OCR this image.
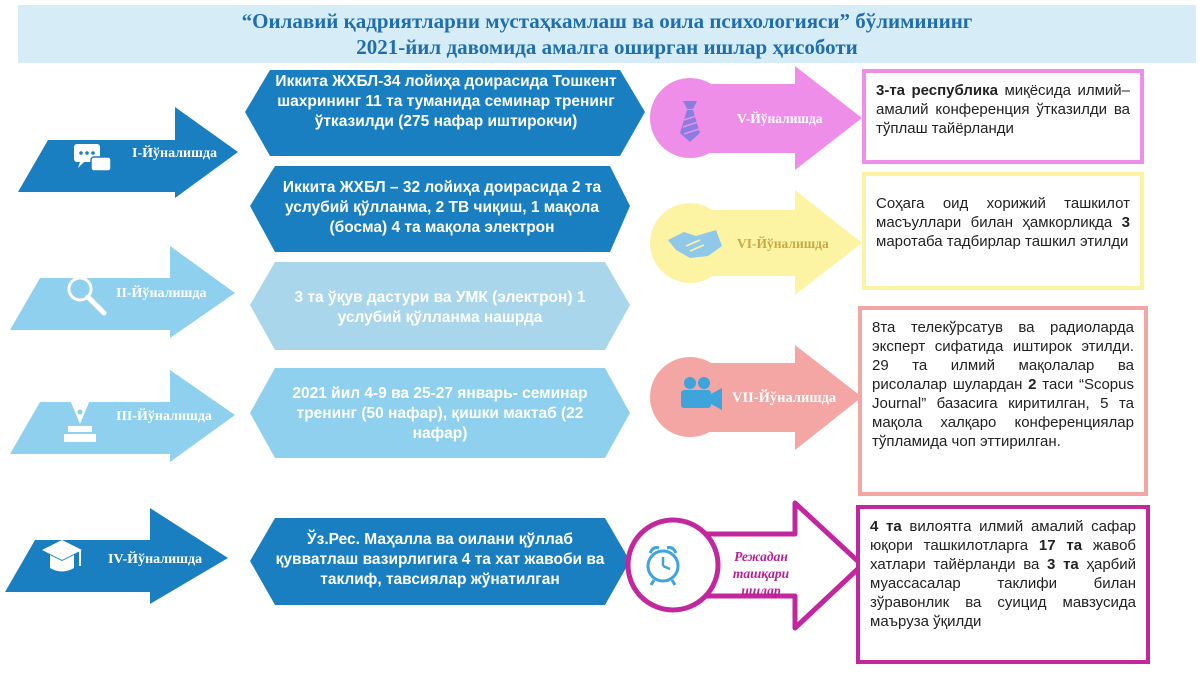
“Оилавий қадриятларни мустаҳкамлаш ва оила психологияси” бўлимининг
2021-йил давомида амалга оширган ишлар ҳисоботи
I-Йўналишда
II-Йўналишда
III-Йўналишда
IV-Йўналишда
Иккита ЖХБЛ-34 лойиҳа доирасида Тошкент шахрининг 11 та туманида семинар тренинг ўтказилди (275 нафар иштирокчи)
Иккита ЖХБЛ – 32 лойиҳа доирасида 2 та услубий қўлланма, 2 ТВ чиқиш, 1 мақола (босма) 4 та мақола электрон
3 та ўқув дастури ва УМК (электрон) 1 услубий қўлланма нашрда
2021 йил 4-9 ва 25-27 январь- семинар тренинг (50 нафар), қишки мактаб (22 нафар)
Ўз.Рес. Маҳалла ва оилани қўллаб қувватлаш вазирлигига 4 та хат жавоби ва таклиф, тавсиялар жўнатилган
V-Йўналишда
VI-Йўналишда
VII-Йўналишда
Режадан ташқари
ишлар
3-та республика миқёсида илмий–амалий конференция ўтказилди ва тўплаш тайёрланди
Соҳага оид хорижий ташкилот масъуллари билан ҳамкорликда 3 маротаба тадбирлар ташкил этилди
8та телекўрсатув ва радиоларда эксперт сифатида иштирок этилди. 29 та илмий мақолалар ва рисолалар шулардан 2 таси “Scopus Journal” базасига киритилган, 5 та мақола халқаро конференциялар тўпламида чоп эттирилган.
4 та вилоятга илмий амалий сафар юқори ташкилотларга 17 та жавоб хатлари тайёрланди ва 3 та ҳарбий муассасалар таклифи билан зўравонлик ва суицид мавзусида маъруза ўқилди
